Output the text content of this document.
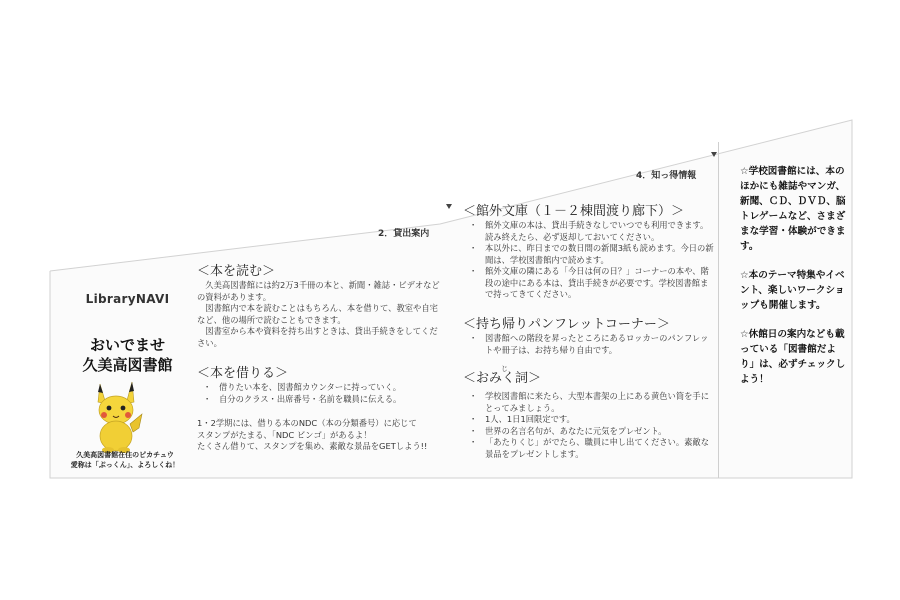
LibraryNAVI
おいでませ
久美高図書館
久美高図書館在住のピカチュウ
愛称は「ぷっくん」、よろしくね！
2．貸出案内
＜本を読む＞
久美高図書館には約2万3千冊の本と、新聞・雑誌・ビデオなどの資料があります。
図書館内で本を読むことはもちろん、本を借りて、教室や自宅など、他の場所で読むこともできます。
図書室から本や資料を持ち出すときは、貸出手続きをしてください。
＜本を借りる＞
・ 借りたい本を、図書館カウンターに持っていく。
・ 自分のクラス・出席番号・名前を職員に伝える。
1・2学期には、借りる本のNDC（本の分類番号）に応じて
スタンプがたまる、「NDC ビンゴ」があるよ！
たくさん借りて、スタンプを集め、素敵な景品をGETしよう!!
4．知っ得情報
＜館外文庫（１－２棟間渡り廊下）＞
・ 館外文庫の本は、貸出手続きなしでいつでも利用できます。読み終えたら、必ず返却しておいてください。
・ 本以外に、昨日までの数日間の新聞3紙も読めます。今日の新聞は、学校図書館内で読めます。
・ 館外文庫の隣にある「今日は何の日？」コーナーの本や、階段の途中にある本は、貸出手続きが必要です。学校図書館まで持ってきてください。
＜持ち帰りパンフレットコーナー＞
・ 図書館への階段を昇ったところにあるロッカーのパンフレットや冊子は、お持ち帰り自由です。
じ
＜おみく詞＞
・ 学校図書館に来たら、大型本書架の上にある黄色い筒を手にとってみましょう。
・ 1人、1日1回限定です。
・ 世界の名言名句が、あなたに元気をプレゼント。
・ 「あたりくじ」がでたら、職員に申し出てください。素敵な景品をプレゼントします。

☆学校図書館には、本のほかにも雑誌やマンガ、新聞、ＣＤ、ＤＶＤ、脳トレゲームなど、さまざまな学習・体験ができます。

☆本のテーマ特集やイベント、楽しいワークショップも開催します。

☆休館日の案内なども載っている「図書館だより」は、必ずチェックしよう！
